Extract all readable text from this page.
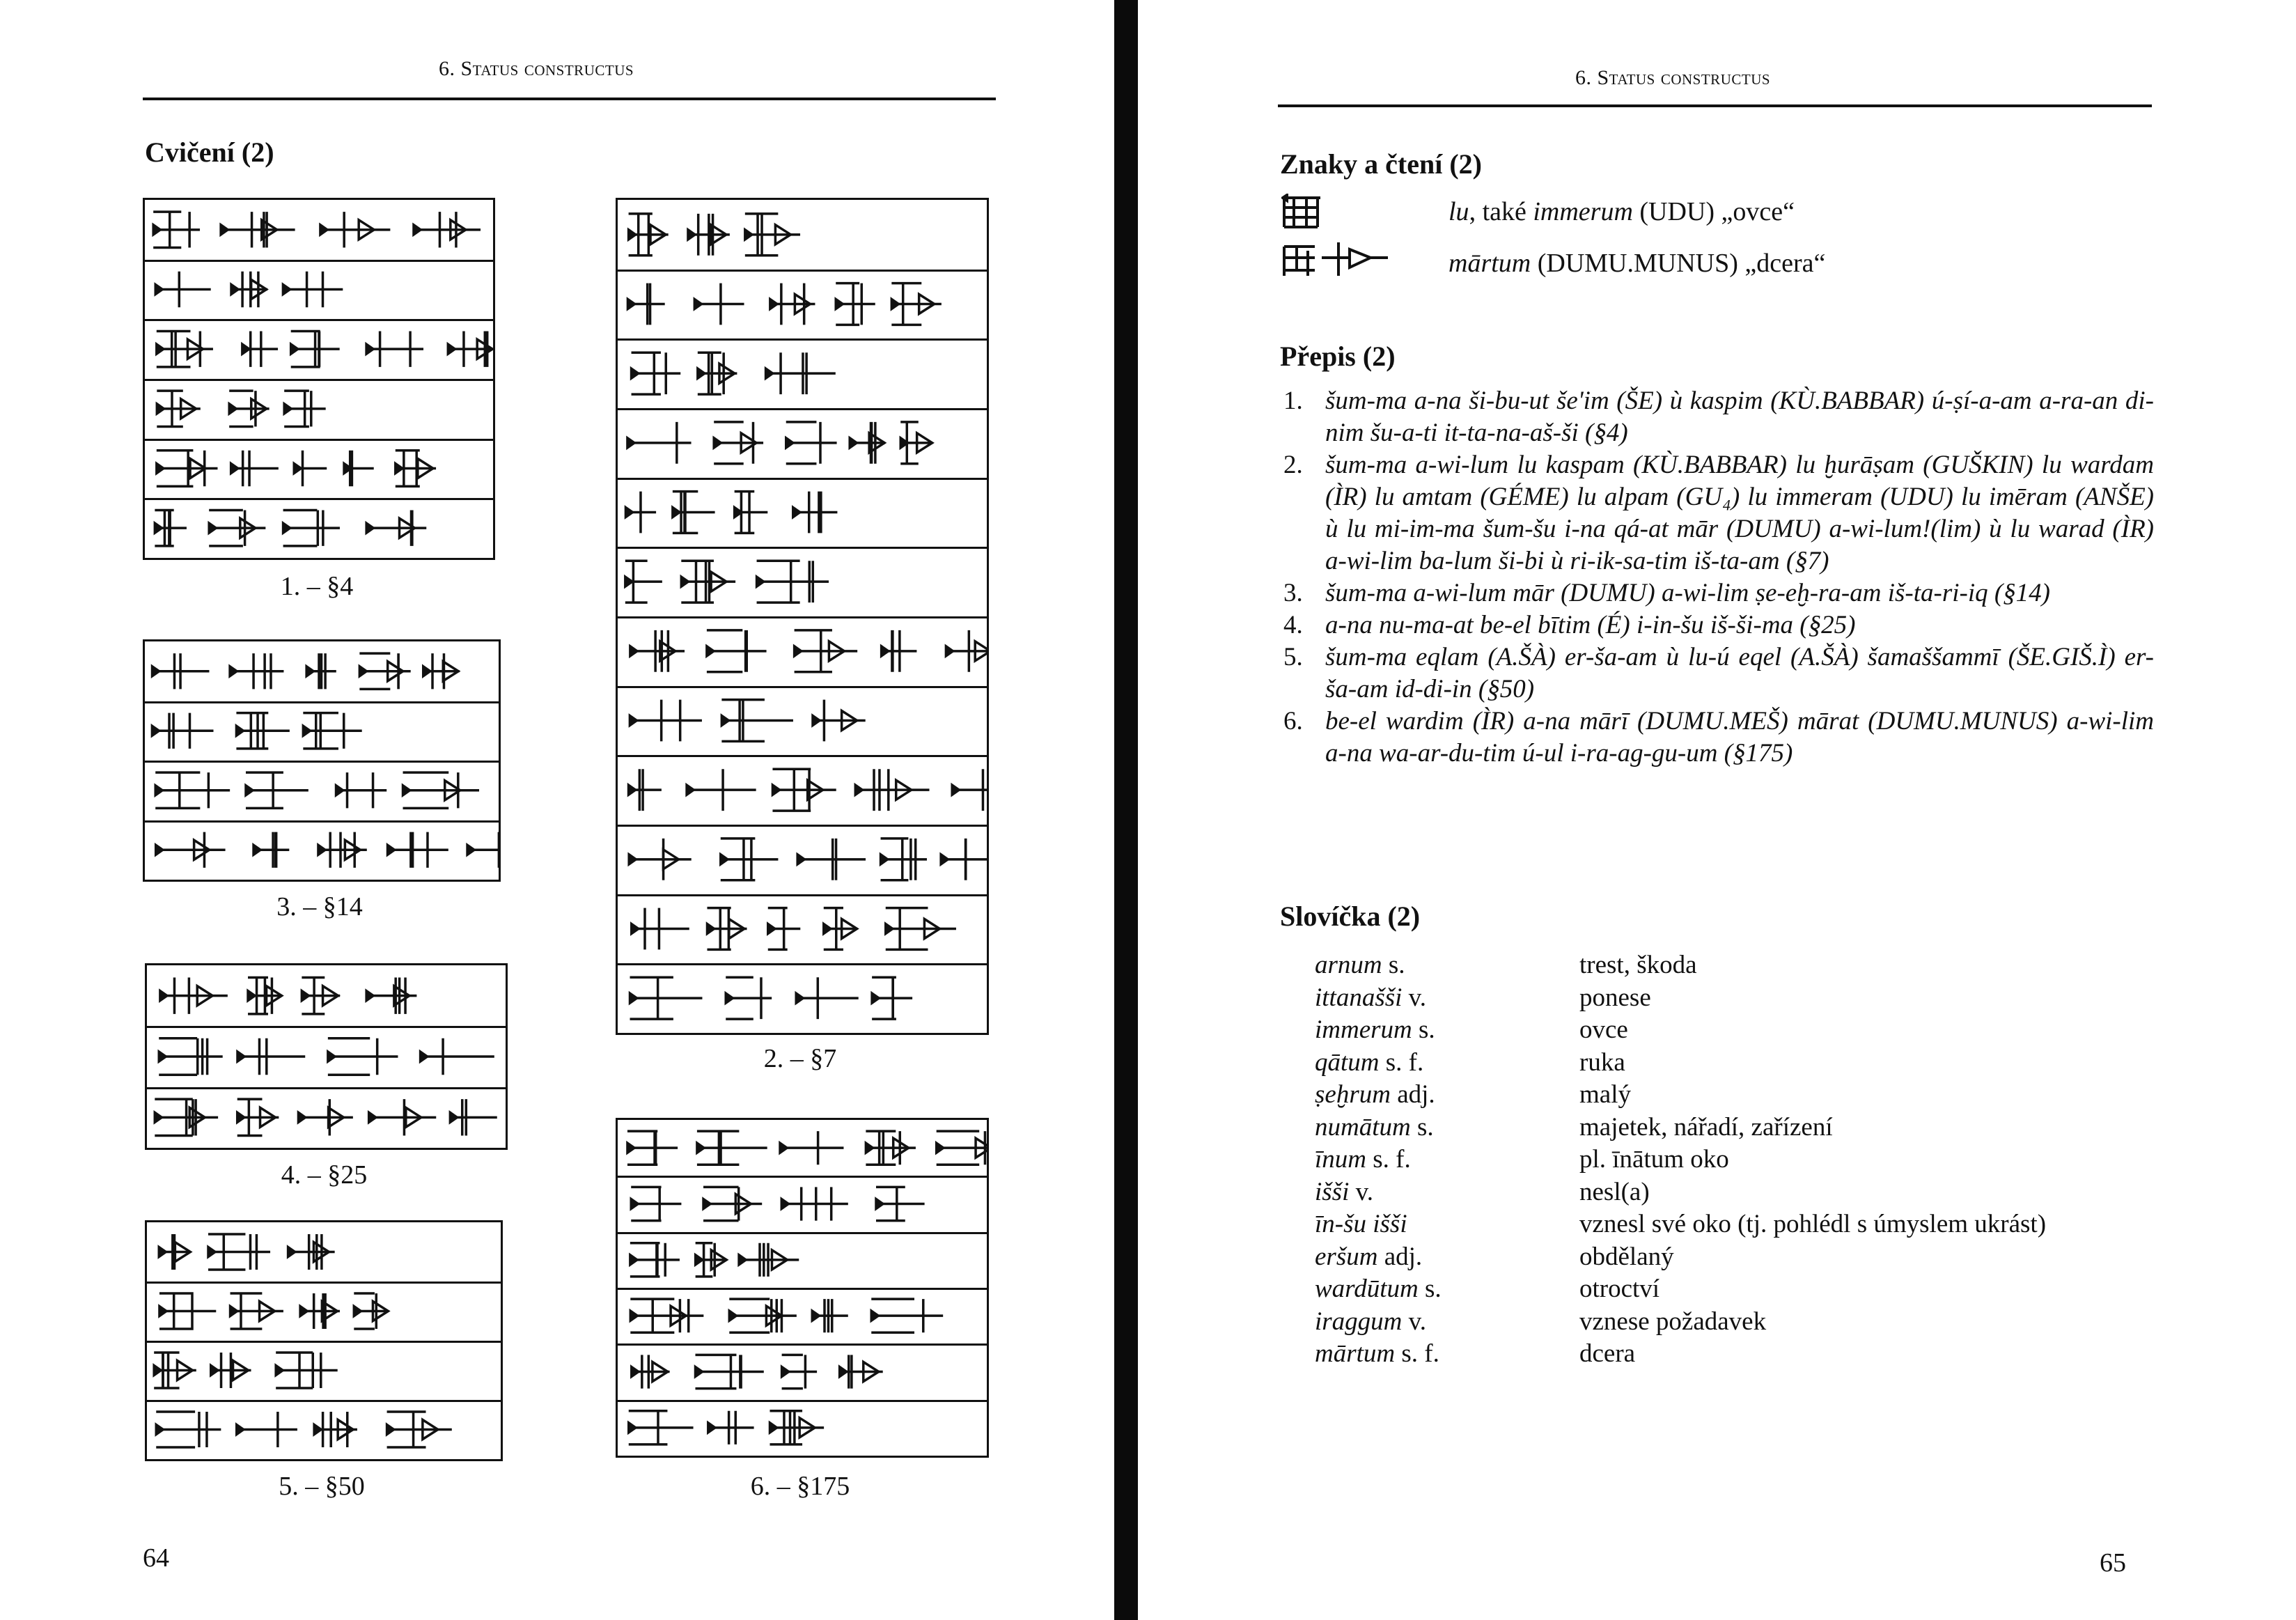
6. Status constructus
Cvičení (2)
1. – §4
3. – §14
4. – §25
5. – §50
2. – §7
6. – §175
64
6. Status constructus
Znaky a čtení (2)
lu, také immerum (UDU) „ovce“
mārtum (DUMU.MUNUS) „dcera“
Přepis (2)
1. šum-ma a-na ši-bu-ut še'im (ŠE) ù kaspim (KÙ.BABBAR) ú-ṣí-a-am a-ra-an di-nim šu-a-ti it-ta-na-aš-ši (§4)
2. šum-ma a-wi-lum lu kaspam (KÙ.BABBAR) lu ḫurāṣam (GUŠKIN) lu wardam (ÌR) lu amtam (GÉME) lu alpam (GU₄) lu immeram (UDU) lu imēram (ANŠE) ù lu mi-im-ma šum-šu i-na qá-at mār (DUMU) a-wi-lum!(lim) ù lu warad (ÌR) a-wi-lim ba-lum ši-bi ù ri-ik-sa-tim iš-ta-am (§7)
3. šum-ma a-wi-lum mār (DUMU) a-wi-lim ṣe-eḫ-ra-am iš-ta-ri-iq (§14)
4. a-na nu-ma-at be-el bītim (É) i-in-šu iš-ši-ma (§25)
5. šum-ma eqlam (A.ŠÀ) er-ša-am ù lu-ú eqel (A.ŠÀ) šamaššammī (ŠE.GIŠ.Ì) er-ša-am id-di-in (§50)
6. be-el wardim (ÌR) a-na mārī (DUMU.MEŠ) mārat (DUMU.MUNUS) a-wi-lim a-na wa-ar-du-tim ú-ul i-ra-ag-gu-um (§175)
Slovíčka (2)
arnum s.	trest, škoda
ittanašši v.	ponese
immerum s.	ovce
qātum s. f.	ruka
ṣeḫrum adj.	malý
numātum s.	majetek, nářadí, zařízení
īnum s. f.	pl. īnātum oko
išši v.	nesl(a)
īn-šu išši	vznesl své oko (tj. pohlédl s úmyslem ukrást)
eršum adj.	obdělaný
wardūtum s.	otroctví
iraggum v.	vznese požadavek
mārtum s. f.	dcera
65
